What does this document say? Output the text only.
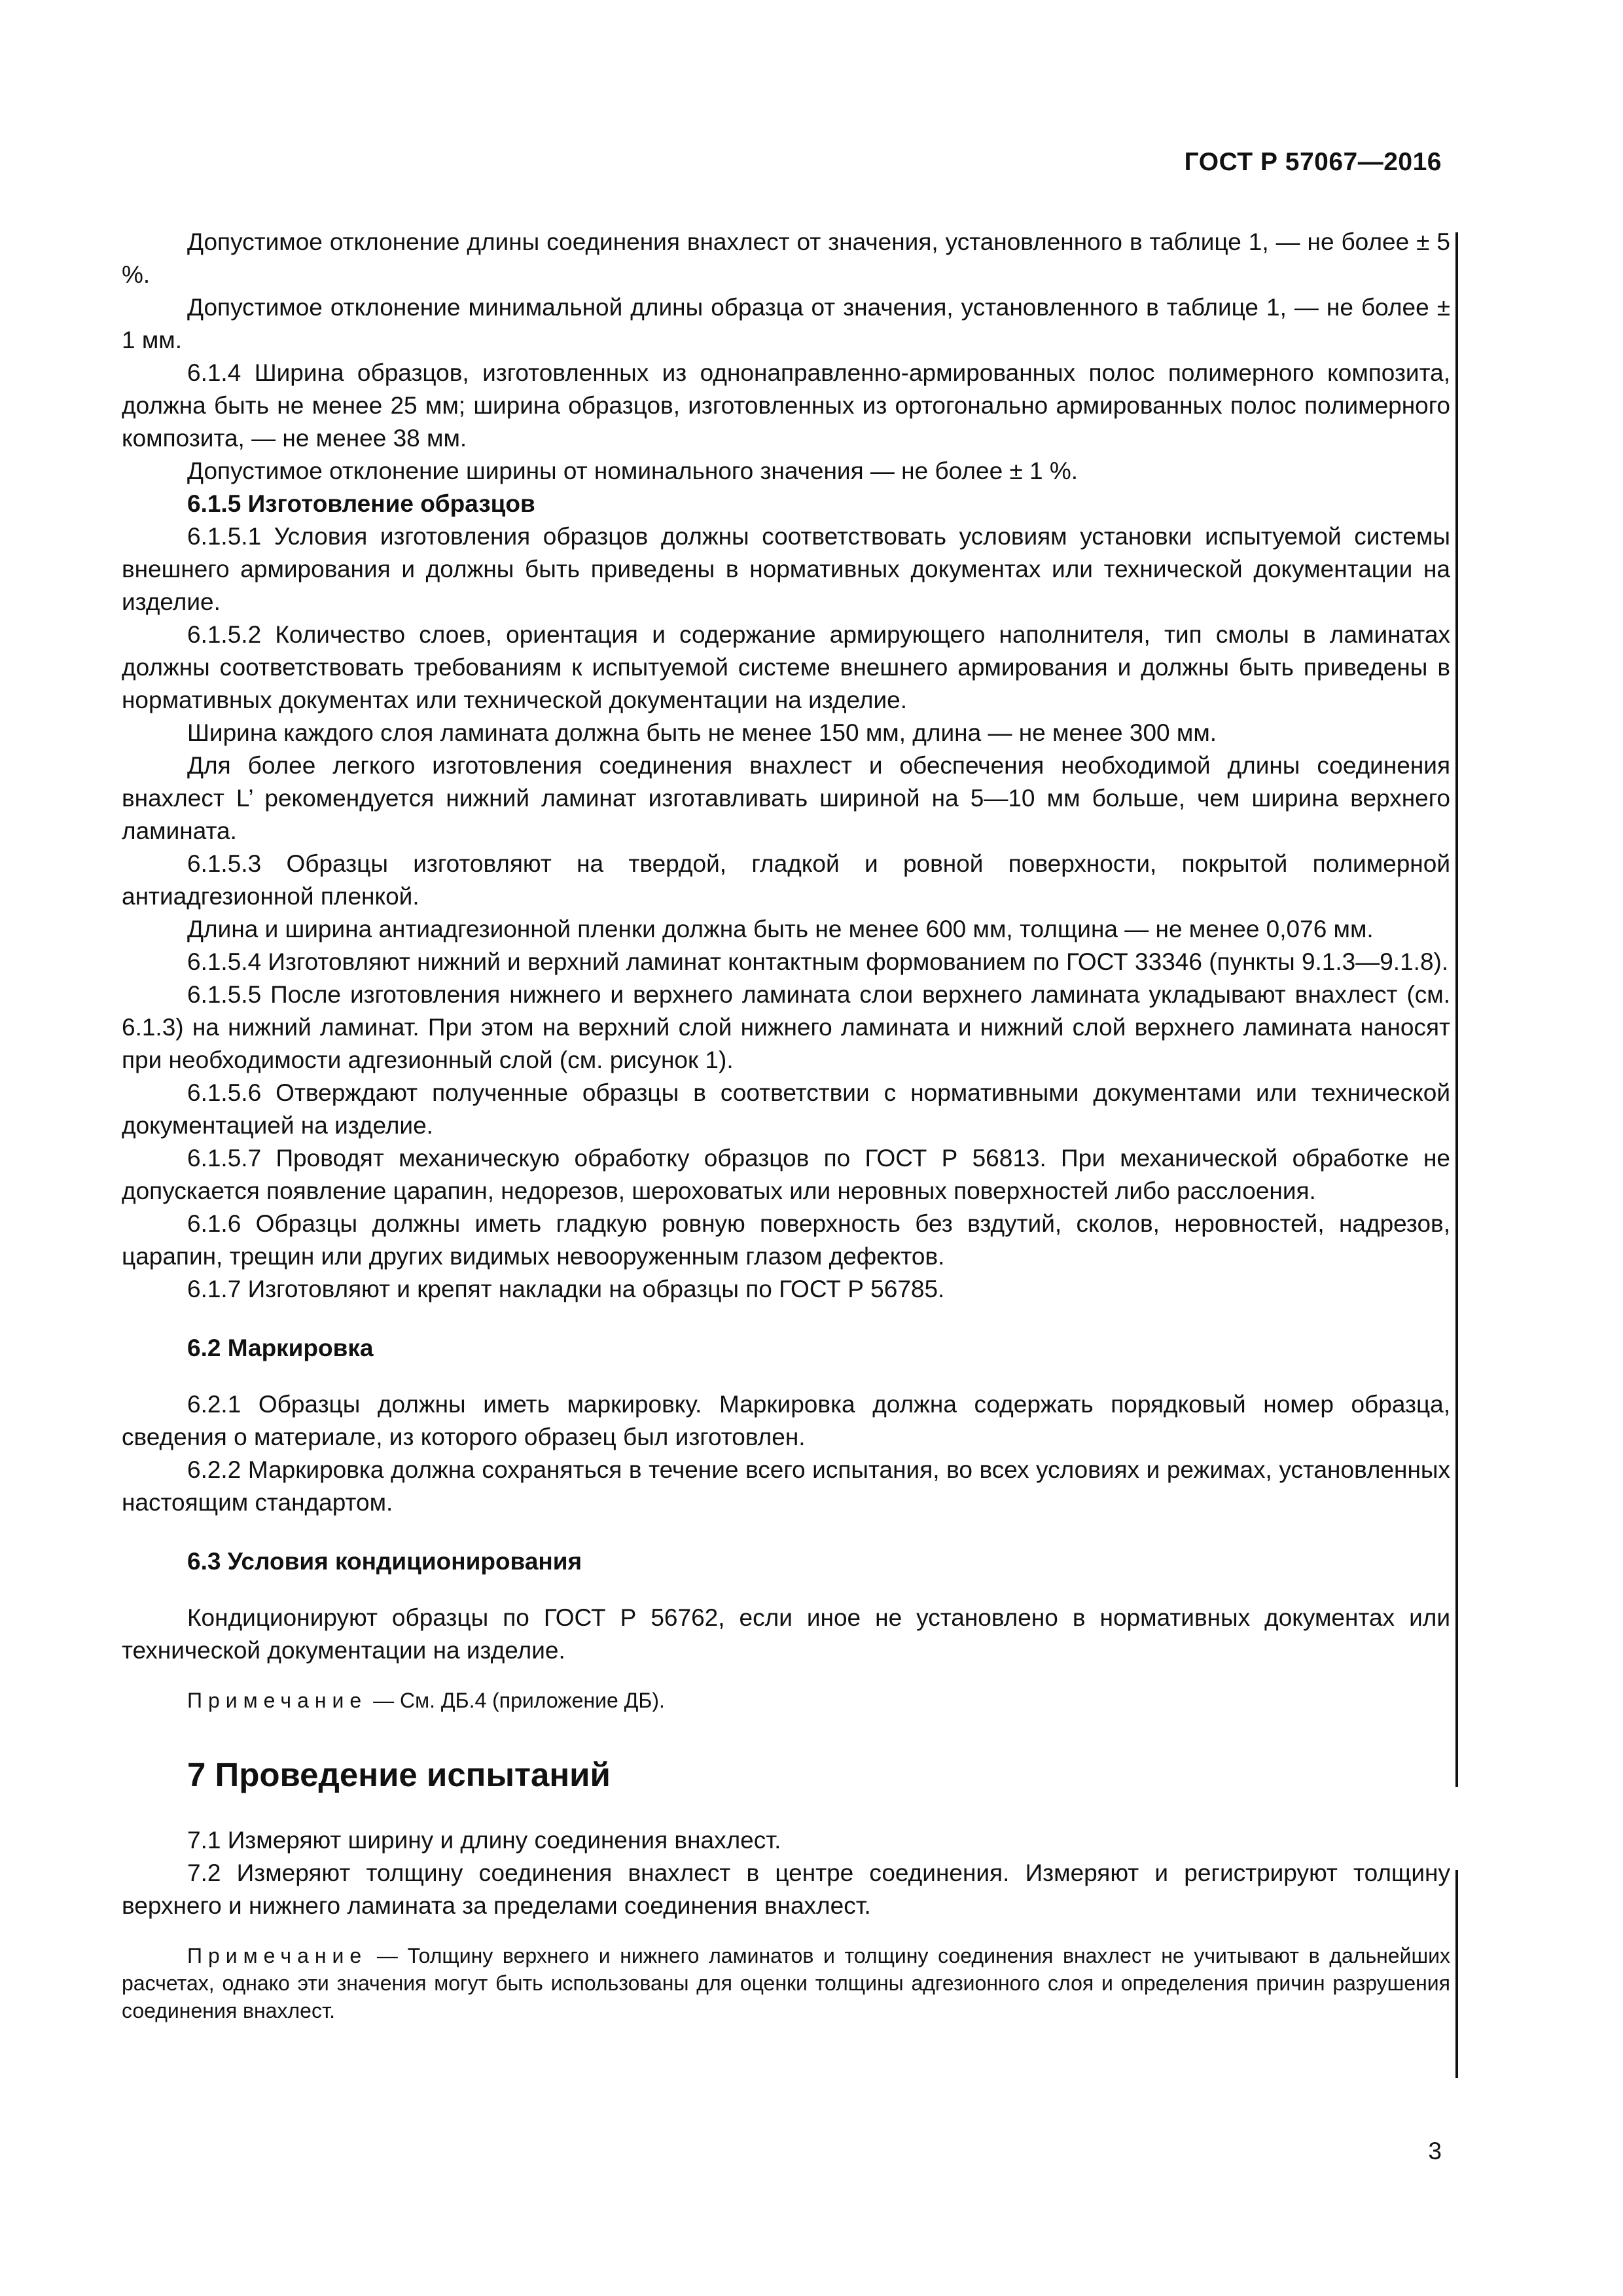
ГОСТ Р 57067—2016

Допустимое отклонение длины соединения внахлест от значения, установленного в таблице 1, — не более ± 5 %.

Допустимое отклонение минимальной длины образца от значения, установленного в таблице 1, — не более ± 1 мм.

6.1.4 Ширина образцов, изготовленных из однонаправленно-армированных полос полимерного композита, должна быть не менее 25 мм; ширина образцов, изготовленных из ортогонально армированных полос полимерного композита, — не менее 38 мм.

Допустимое отклонение ширины от номинального значения — не более ± 1 %.

6.1.5 Изготовление образцов

6.1.5.1 Условия изготовления образцов должны соответствовать условиям установки испытуемой системы внешнего армирования и должны быть приведены в нормативных документах или технической документации на изделие.

6.1.5.2 Количество слоев, ориентация и содержание армирующего наполнителя, тип смолы в ламинатах должны соответствовать требованиям к испытуемой системе внешнего армирования и должны быть приведены в нормативных документах или технической документации на изделие.

Ширина каждого слоя ламината должна быть не менее 150 мм, длина — не менее 300 мм.

Для более легкого изготовления соединения внахлест и обеспечения необходимой длины соединения внахлест L’ рекомендуется нижний ламинат изготавливать шириной на 5—10 мм больше, чем ширина верхнего ламината.

6.1.5.3 Образцы изготовляют на твердой, гладкой и ровной поверхности, покрытой полимерной антиадгезионной пленкой.

Длина и ширина антиадгезионной пленки должна быть не менее 600 мм, толщина — не менее 0,076 мм.

6.1.5.4 Изготовляют нижний и верхний ламинат контактным формованием по ГОСТ 33346 (пункты 9.1.3—9.1.8).

6.1.5.5 После изготовления нижнего и верхнего ламината слои верхнего ламината укладывают внахлест (см. 6.1.3) на нижний ламинат. При этом на верхний слой нижнего ламината и нижний слой верхнего ламината наносят при необходимости адгезионный слой (см. рисунок 1).

6.1.5.6 Отверждают полученные образцы в соответствии с нормативными документами или технической документацией на изделие.

6.1.5.7 Проводят механическую обработку образцов по ГОСТ Р 56813. При механической обработке не допускается появление царапин, недорезов, шероховатых или неровных поверхностей либо расслоения.

6.1.6 Образцы должны иметь гладкую ровную поверхность без вздутий, сколов, неровностей, надрезов, царапин, трещин или других видимых невооруженным глазом дефектов.

6.1.7 Изготовляют и крепят накладки на образцы по ГОСТ Р 56785.

6.2 Маркировка

6.2.1 Образцы должны иметь маркировку. Маркировка должна содержать порядковый номер образца, сведения о материале, из которого образец был изготовлен.

6.2.2 Маркировка должна сохраняться в течение всего испытания, во всех условиях и режимах, установленных настоящим стандартом.

6.3 Условия кондиционирования

Кондиционируют образцы по ГОСТ Р 56762, если иное не установлено в нормативных документах или технической документации на изделие.

Примечание — См. ДБ.4 (приложение ДБ).

7 Проведение испытаний

7.1 Измеряют ширину и длину соединения внахлест.

7.2 Измеряют толщину соединения внахлест в центре соединения. Измеряют и регистрируют толщину верхнего и нижнего ламината за пределами соединения внахлест.

Примечание — Толщину верхнего и нижнего ламинатов и толщину соединения внахлест не учитывают в дальнейших расчетах, однако эти значения могут быть использованы для оценки толщины адгезионного слоя и определения причин разрушения соединения внахлест.

3
